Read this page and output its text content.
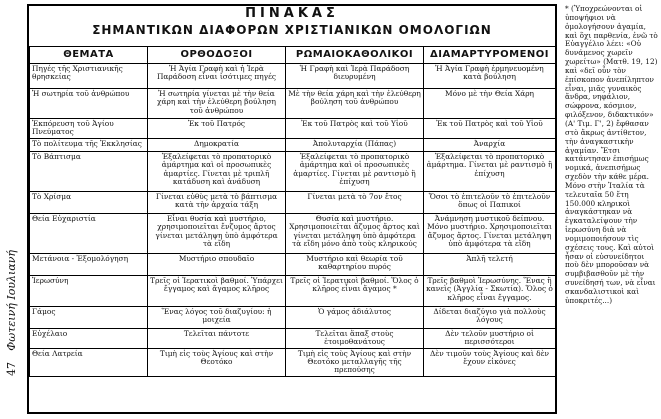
47
Φωτεινή Ιουλιανή
ΠΙΝΑΚΑΣ
ΣΗΜΑΝΤΙΚΩΝ ΔΙΑΦΟΡΩΝ ΧΡΙΣΤΙΑΝΙΚΩΝ ΟΜΟΛΟΓΙΩΝ
ΘΕΜΑΤΑ	ΟΡΘΟΔΟΞΟΙ	ΡΩΜΑΙΟΚΑΘΟΛΙΚΟΙ	ΔΙΑΜΑΡΤΥΡΟΜΕΝΟΙ
Πηγές τῆς Χριστιανικῆς θρησκείας	Ἡ Ἁγία Γραφὴ καὶ ἡ Ἱερὰ Παράδοση εἶναι ἰσότιμες πηγές	Ἡ Γραφὴ καὶ Ἱερὰ Παράδοση διευρυμένη	Ἡ Ἁγία Γραφὴ ἑρμηνευομένη κατὰ βούληση
Ἡ σωτηρία τοῦ ἀνθρώπου	Ἡ σωτηρία γίνεται μὲ τὴν θεία χάρη καὶ τὴν ἐλεύθερη βούληση τοῦ ἀνθρώπου	Μὲ τὴν θεία χάρη καὶ τὴν ἐλεύθερη βούληση τοῦ ἀνθρώπου	Μόνο μὲ τὴν Θεία Χάρη
Ἐκπόρευση τοῦ Ἁγίου Πνεύματος	Ἐκ τοῦ Πατρός	Ἐκ τοῦ Πατρὸς καὶ τοῦ Υἱοῦ	Ἐκ τοῦ Πατρὸς καὶ τοῦ Υἱοῦ
Τὸ πολίτευμα τῆς Ἐκκλησίας	Δημοκρατία	Ἀπολυταρχία (Πάπας)	Ἀναρχία
Τὸ Βάπτισμα	Ἐξαλείφεται τὸ προπατορικὸ ἁμάρτημα καὶ οἱ προσωπικὲς ἁμαρτίες. Γίνεται μὲ τριπλῆ κατάδυση καὶ ἀνάδυση	Ἐξαλείφεται τὸ προπατορικὸ ἁμάρτημα καὶ οἱ προσωπικὲς ἁμαρτίες. Γίνεται μὲ ραντισμὸ ἢ ἐπίχυση	Ἐξαλείφεται τὸ προπατορικὸ ἁμάρτημα. Γίνεται μὲ ραντισμὸ ἢ ἐπίχυση
Τὸ Χρίσμα	Γίνεται εὐθὺς μετὰ τὸ βάπτισμα κατὰ τὴν ἀρχαία τάξη	Γίνεται μετὰ τὸ 7ον ἔτος	Ὅσοι τὸ ἐπιτελοῦν τὸ ἐπιτελοῦν ὅπως οἱ Παπικοί
Θεία Εὐχαριστία	Εἶναι θυσία καὶ μυστήριο, χρησιμοποιεῖται ἔνζυμος ἄρτος γίνεται μετάληψη ὑπὸ ἀμφότερα τὰ εἴδη	Θυσία καὶ μυστήριο. Χρησιμοποιεῖται ἄζυμος ἄρτος καὶ γίνεται μετάληψη ὑπὸ ἀμφότερα τὰ εἴδη μόνο ἀπὸ τοὺς κληρικούς	Ἀνάμνηση μυστικοῦ δείπνου. Μόνο μυστήριο. Χρησιμοποιεῖται ἄζυμος ἄρτος. Γίνεται μετάληψη ὑπὸ ἀμφότερα τὰ εἴδη
Μετάνοια - Ἐξομολόγηση	Μυστήριο σπουδαῖο	Μυστήριο καὶ θεωρία τοῦ καθαρτηρίου πυρός	Ἁπλῆ τελετή
Ἱερωσύνη	Τρεῖς οἱ Ἱερατικοὶ βαθμοί. Ὑπάρχει ἔγγαμος καὶ ἄγαμος κλῆρος	Τρεῖς οἱ Ἱερατικοὶ βαθμοί. Ὅλος ὁ κλῆρος εἶναι ἄγαμος *	Τρεῖς βαθμοὶ Ἱερωσύνης. Ἕνας ἢ κανεὶς (Ἀγγλία - Σκωτία). Ὅλος ὁ κλῆρος εἶναι ἔγγαμος.
Γάμος	Ἕνας λόγος τοῦ διαζυγίου: ἡ μοιχεία	Ὁ γάμος ἀδιάλυτος	Δίδεται διαζύγιο γιὰ πολλοὺς λόγους
Εὐχέλαιο	Τελεῖται πάντοτε	Τελεῖται ἅπαξ στοὺς ἑτοιμοθανάτους	Δὲν τελοῦν μυστήριο οἱ περισσότεροι
Θεία Λατρεία	Τιμὴ εἰς τοὺς Ἁγίους καὶ στὴν Θεοτόκο	Τιμὴ εἰς τοὺς Ἁγίους καὶ στὴν Θεοτόκο μεταλλαγῆς τῆς πρεπούσης	Δὲν τιμοῦν τοὺς Ἁγίους καὶ δὲν ἔχουν εἰκόνες
* (Ὑποχρεώνονται οἱ ὑποψήφιοι νὰ ὁμολογήσουν ἀγαμία, καὶ ὅχι παρθενία, ἐνῶ τὸ Εὐαγγέλιο λέει: «Οὐ δυνάμενος χωρεῖν χωρείτω» (Ματθ. 19, 12) καὶ «δεῖ οὖν τὸν ἐπίσκοπον ἀνεπίληπτον εἶναι, μιᾶς γυναικὸς ἄνδρα, νηφάλιον, σώφρονα, κόσμιον, φιλόξενον, διδακτικόν» (Α' Τιμ. Γ', 2) ἔφθασαν στὸ ἄκρως ἀντίθετον, τὴν ἀναγκαστικὴν ἀγαμίαν. Ἔτσι κατάντησαν ἐπισήμως νομικά, ἀνεπισήμως σχεδὸν τὴν κάθε μέρα. Μόνο στὴν Ἰταλία τὰ τελευταῖα 50 ἔτη 150.000 κληρικοὶ ἀναγκάστηκαν νὰ ἐγκαταλείψουν τὴν ἱερωσύνη διὰ νὰ νομιμοποιήσουν τὶς σχέσεις τους. Καὶ αὐτοὶ ἦσαν οἱ εὐσυνείδητοι ποὺ δὲν μποροῦσαν νὰ συμβιβασθοῦν μὲ τὴν συνείδησή των, νὰ εἶναι σκανδαλιστικοὶ καὶ ὑποκριτές...)
